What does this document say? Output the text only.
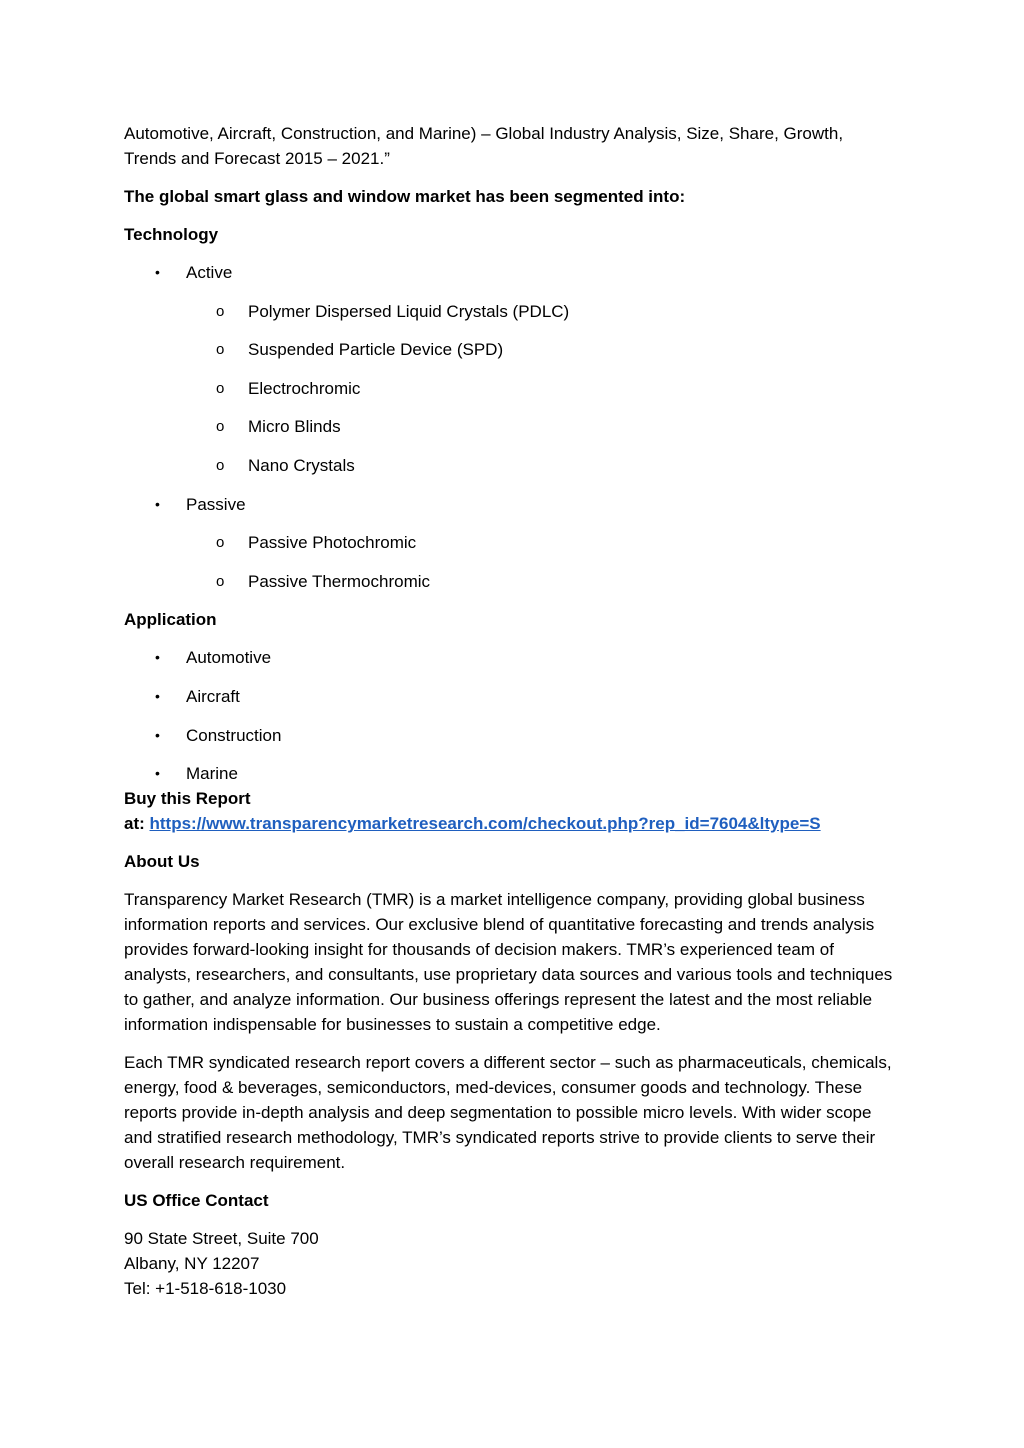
Automotive, Aircraft, Construction, and Marine) – Global Industry Analysis, Size, Share, Growth,
Trends and Forecast 2015 – 2021.”

The global smart glass and window market has been segmented into:

Technology

• Active
o Polymer Dispersed Liquid Crystals (PDLC)
o Suspended Particle Device (SPD)
o Electrochromic
o Micro Blinds
o Nano Crystals
• Passive
o Passive Photochromic
o Passive Thermochromic

Application

• Automotive
• Aircraft
• Construction
• Marine

Buy this Report
at: https://www.transparencymarketresearch.com/checkout.php?rep_id=7604&ltype=S

About Us

Transparency Market Research (TMR) is a market intelligence company, providing global business information reports and services. Our exclusive blend of quantitative forecasting and trends analysis provides forward-looking insight for thousands of decision makers. TMR’s experienced team of analysts, researchers, and consultants, use proprietary data sources and various tools and techniques to gather, and analyze information. Our business offerings represent the latest and the most reliable information indispensable for businesses to sustain a competitive edge.

Each TMR syndicated research report covers a different sector – such as pharmaceuticals, chemicals, energy, food & beverages, semiconductors, med-devices, consumer goods and technology. These reports provide in-depth analysis and deep segmentation to possible micro levels. With wider scope and stratified research methodology, TMR’s syndicated reports strive to provide clients to serve their overall research requirement.

US Office Contact

90 State Street, Suite 700

Albany, NY 12207

Tel: +1-518-618-1030
